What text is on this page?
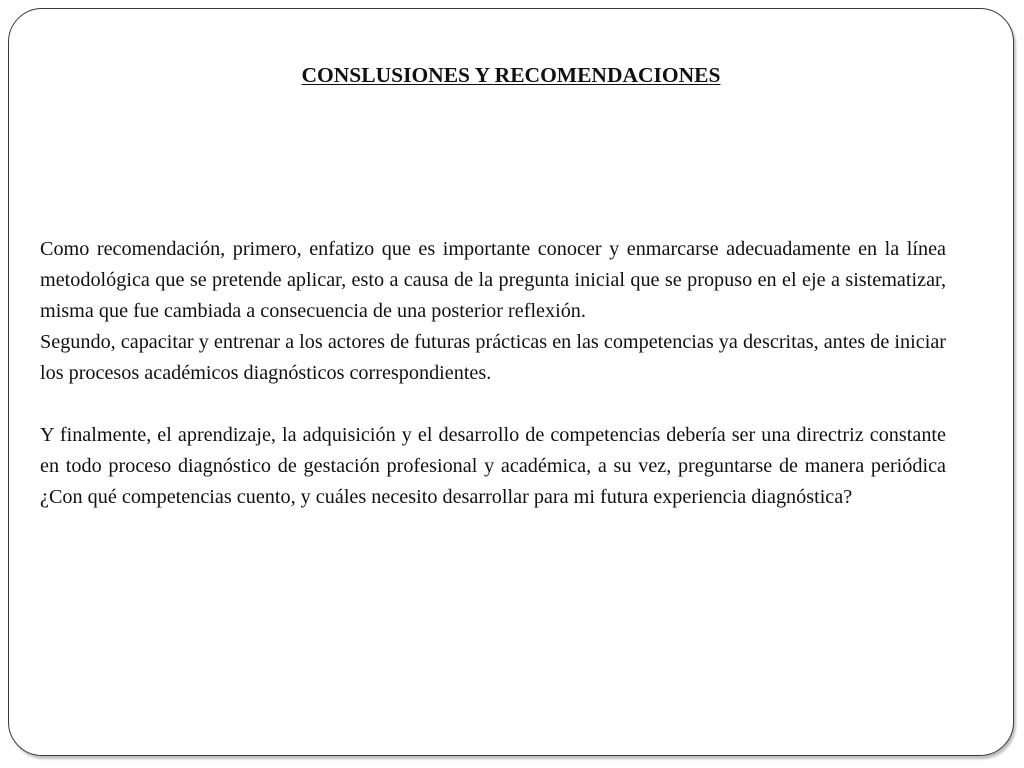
CONSLUSIONES Y RECOMENDACIONES

Como recomendación, primero, enfatizo que es importante conocer y enmarcarse adecuadamente en la línea metodológica que se pretende aplicar, esto a causa de la pregunta inicial que se propuso en el eje a sistematizar, misma que fue cambiada a consecuencia de una posterior reflexión.

Segundo, capacitar y entrenar a los actores de futuras prácticas en las competencias ya descritas, antes de iniciar los procesos académicos diagnósticos correspondientes.

Y finalmente, el aprendizaje, la adquisición y el desarrollo de competencias debería ser una directriz constante en todo proceso diagnóstico de gestación profesional y académica, a su vez, preguntarse de manera periódica ¿Con qué competencias cuento, y cuáles necesito desarrollar para mi futura experiencia diagnóstica?
